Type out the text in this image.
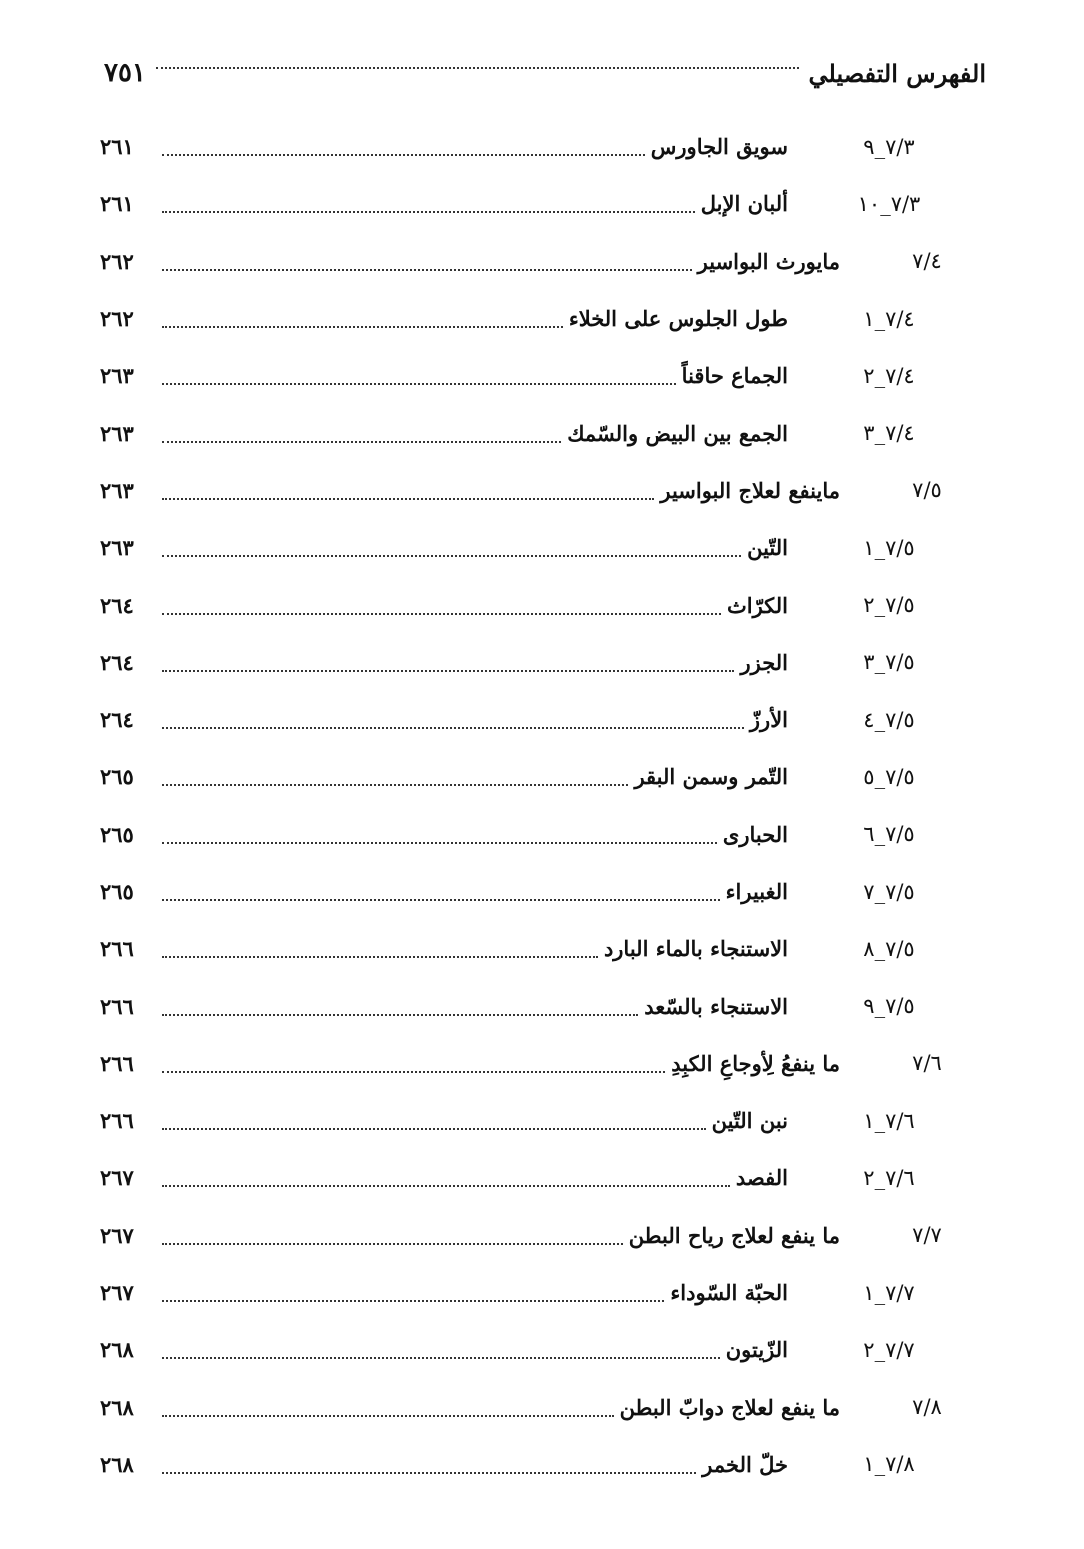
الفهرس التفصيلي
٧٥١
٧/٣_٩
سويق الجاورس
٢٦١
٧/٣_١٠
ألبان الإبل
٢٦١
٧/٤
مايورث البواسير
٢٦٢
٧/٤_١
طول الجلوس على الخلاء
٢٦٢
٧/٤_٢
الجماع حاقناً
٢٦٣
٧/٤_٣
الجمع بين البيض والسّمك
٢٦٣
٧/٥
ماينفع لعلاج البواسير
٢٦٣
٧/٥_١
التّين
٢٦٣
٧/٥_٢
الكرّاث
٢٦٤
٧/٥_٣
الجزر
٢٦٤
٧/٥_٤
الأرزّ
٢٦٤
٧/٥_٥
التّمر وسمن البقر
٢٦٥
٧/٥_٦
الحبارى
٢٦٥
٧/٥_٧
الغبيراء
٢٦٥
٧/٥_٨
الاستنجاء بالماء البارد
٢٦٦
٧/٥_٩
الاستنجاء بالسّعد
٢٦٦
٧/٦
ما ينفعُ لِأوجاعِ الكبِدِ
٢٦٦
٧/٦_١
نبن التّين
٢٦٦
٧/٦_٢
الفصد
٢٦٧
٧/٧
ما ينفع لعلاج رياح البطن
٢٦٧
٧/٧_١
الحبّة السّوداء
٢٦٧
٧/٧_٢
الزّيتون
٢٦٨
٧/٨
ما ينفع لعلاج دوابّ البطن
٢٦٨
٧/٨_١
خلّ الخمر
٢٦٨
